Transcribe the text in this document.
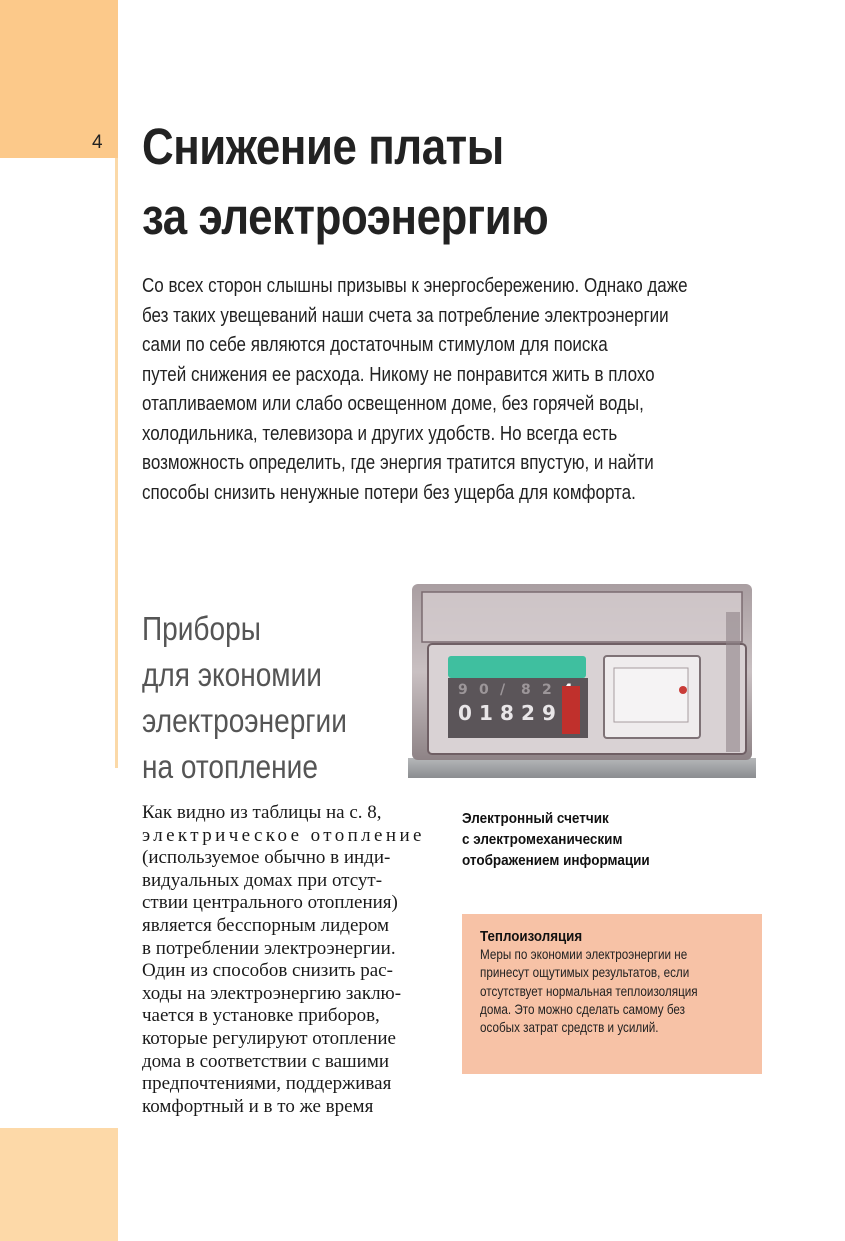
4 Снижение платы
за электроэнергию
Со всех сторон слышны призывы к энергосбережению. Однако даже
без таких увещеваний наши счета за потребление электроэнергии
сами по себе являются достаточным стимулом для поиска
путей снижения ее расхода. Никому не понравится жить в плохо
отапливаемом или слабо освещенном доме, без горячей воды,
холодильника, телевизора и других удобств. Но всегда есть
возможность определить, где энергия тратится впустую, и найти
способы снизить ненужные потери без ущерба для комфорта.
Приборы
для экономии
электроэнергии
на отопление
9 0 / 8 2
0 1 8 2 9
Как видно из таблицы на с. 8,
электрическое отопление
(используемое обычно в инди-
видуальных домах при отсут-
ствии центрального отопления)
является бесспорным лидером
в потреблении электроэнергии.
Один из способов снизить рас-
ходы на электроэнергию заклю-
чается в установке приборов,
которые регулируют отопление
дома в соответствии с вашими
предпочтениями, поддерживая
комфортный и в то же время
Электронный счетчик
с электромеханическим
отображением информации
Теплоизоляция
Меры по экономии электроэнергии не
принесут ощутимых результатов, если
отсутствует нормальная теплоизоляция
дома. Это можно сделать самому без
особых затрат средств и усилий.
